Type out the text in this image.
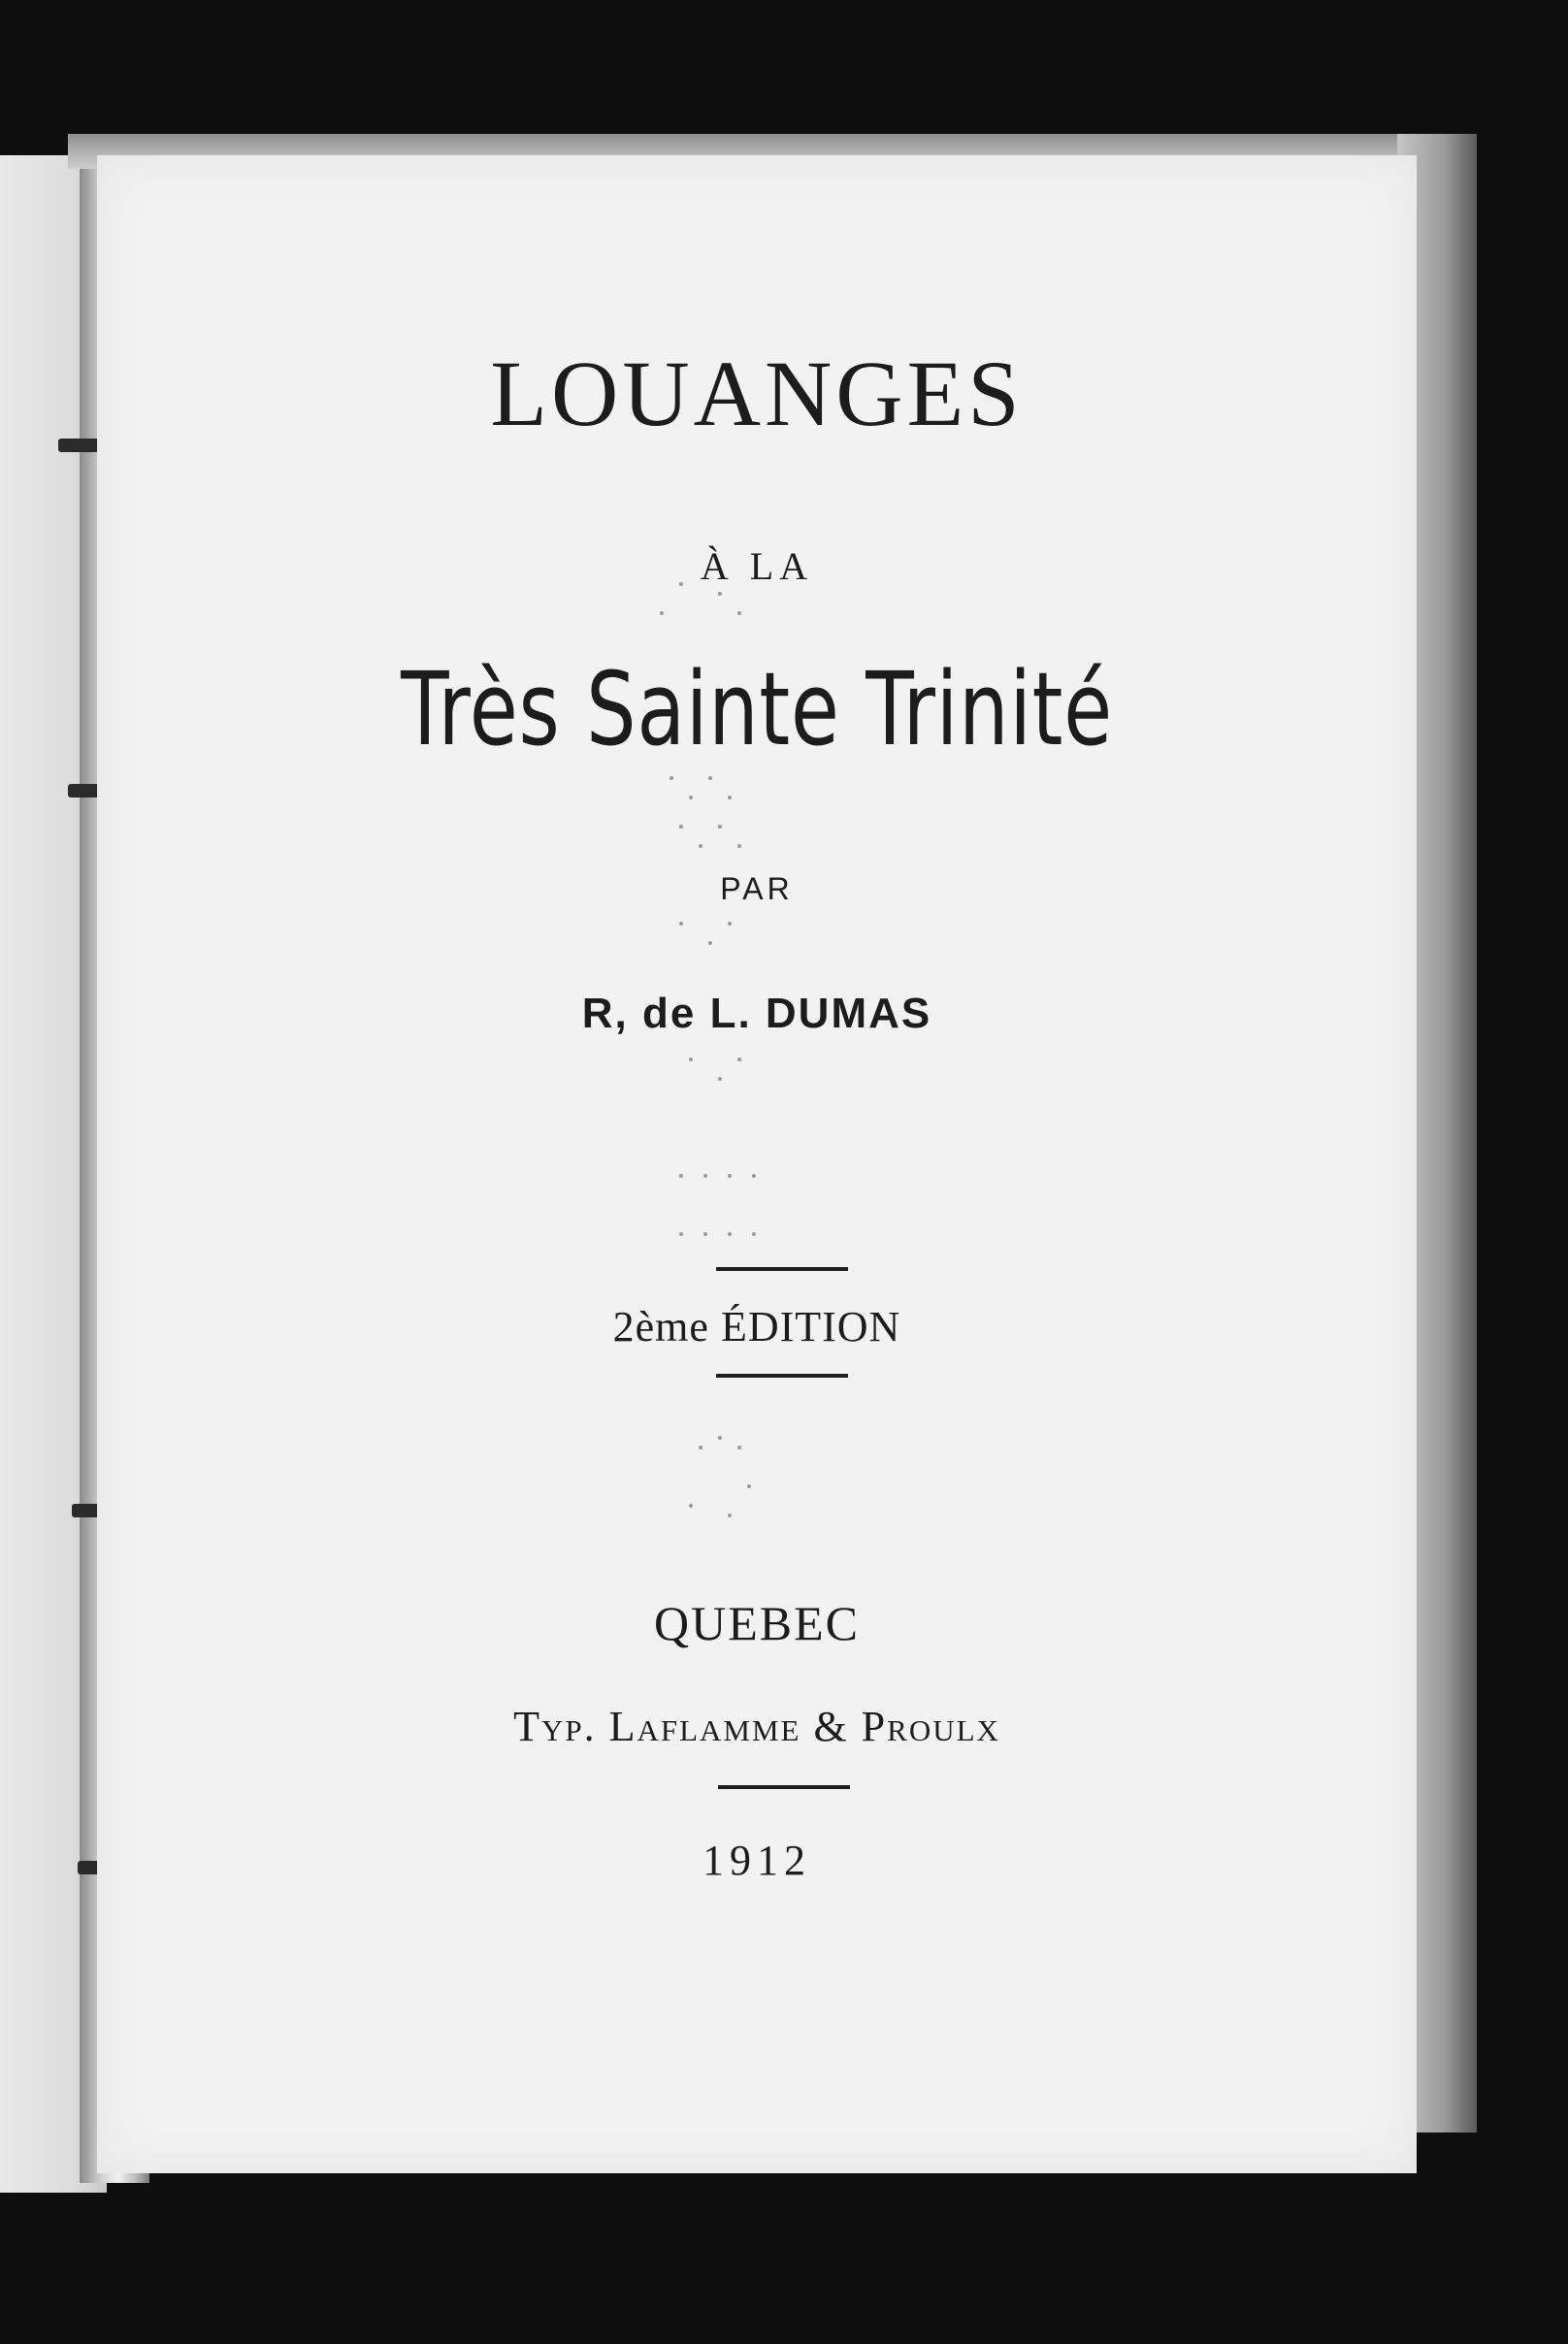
LOUANGES
À LA
Très Sainte Trinité
PAR
R, de L. DUMAS
2ème ÉDITION
QUEBEC
Typ. Laflamme & Proulx
1912
